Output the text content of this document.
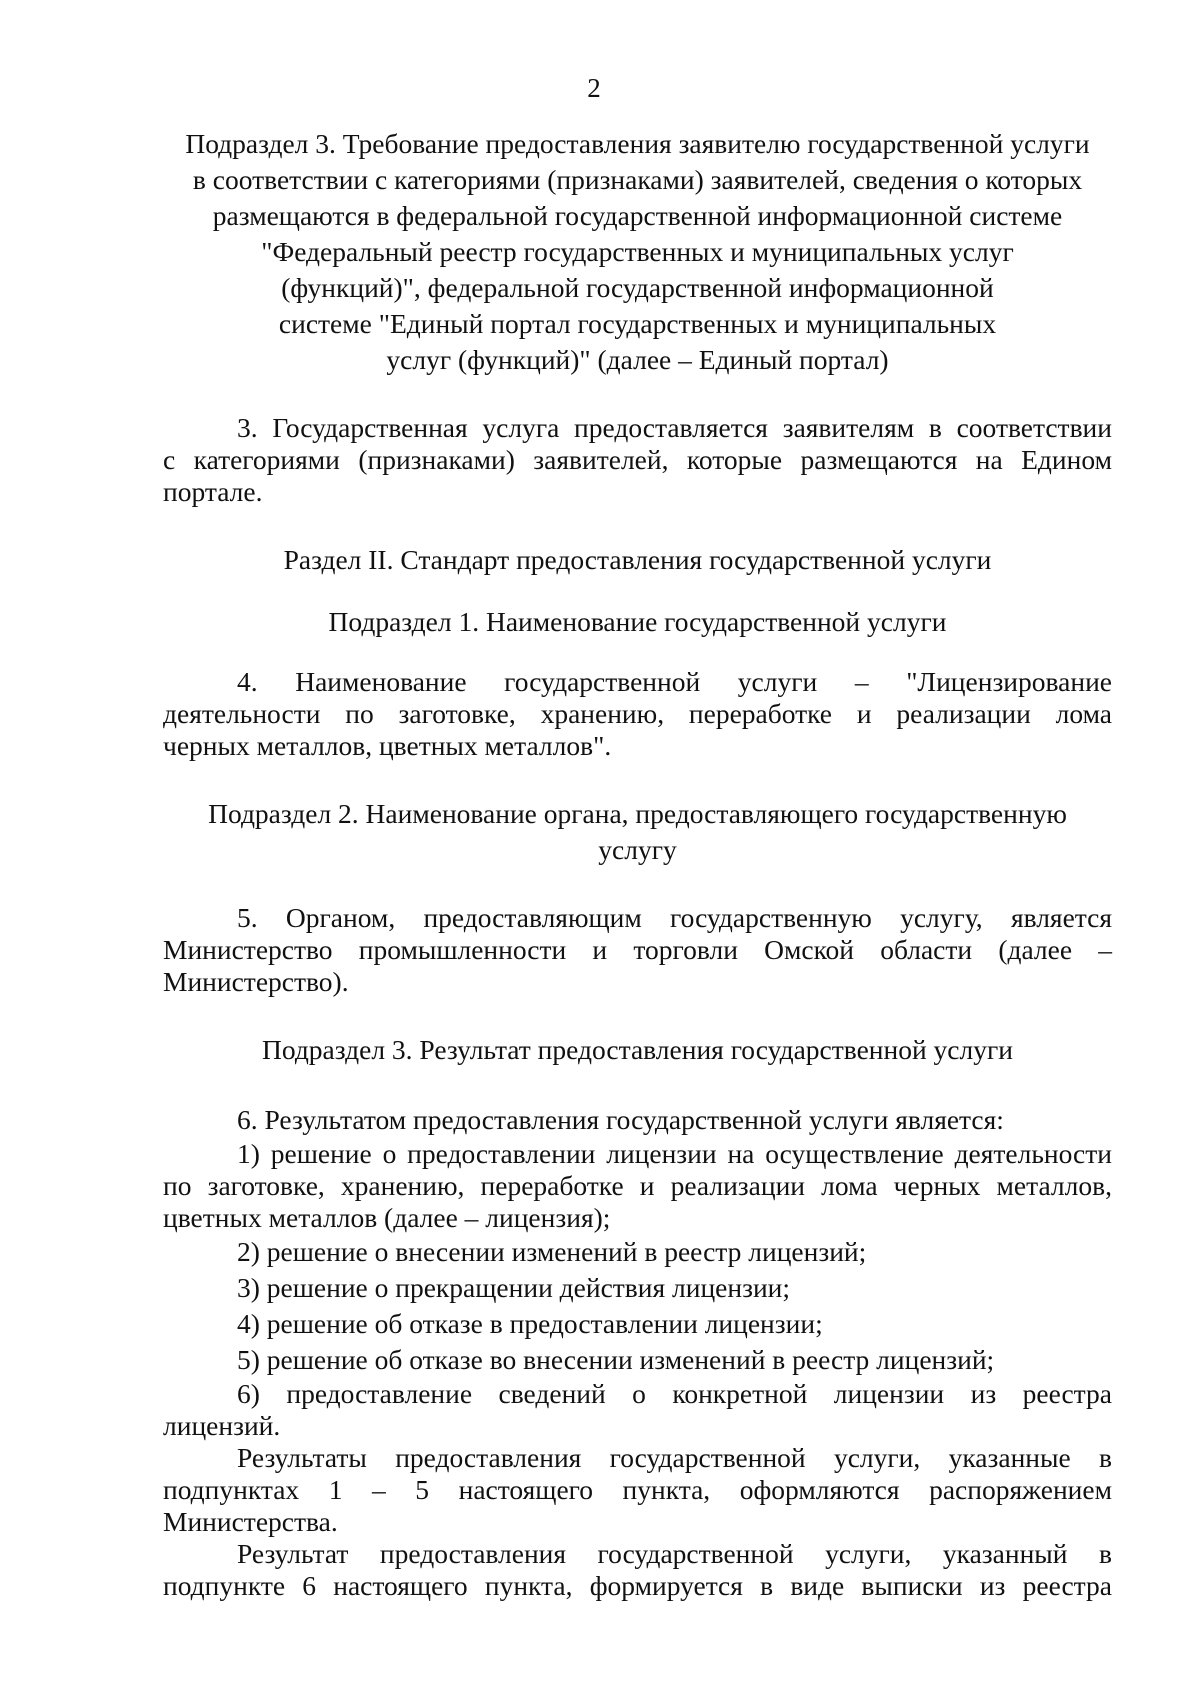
2
Подраздел 3. Требование предоставления заявителю государственной услуги
в соответствии с категориями (признаками) заявителей, сведения о которых
размещаются в федеральной государственной информационной системе
"Федеральный реестр государственных и муниципальных услуг
(функций)", федеральной государственной информационной
системе "Единый портал государственных и муниципальных
услуг (функций)" (далее – Единый портал)
3. Государственная услуга предоставляется заявителям в соответствии
с категориями (признаками) заявителей, которые размещаются на Едином
портале.
Раздел II. Стандарт предоставления государственной услуги
Подраздел 1. Наименование государственной услуги
4. Наименование государственной услуги – "Лицензирование
деятельности по заготовке, хранению, переработке и реализации лома
черных металлов, цветных металлов".
Подраздел 2. Наименование органа, предоставляющего государственную
услугу
5. Органом, предоставляющим государственную услугу, является
Министерство промышленности и торговли Омской области (далее –
Министерство).
Подраздел 3. Результат предоставления государственной услуги
6. Результатом предоставления государственной услуги является:
1) решение о предоставлении лицензии на осуществление деятельности
по заготовке, хранению, переработке и реализации лома черных металлов,
цветных металлов (далее – лицензия);
2) решение о внесении изменений в реестр лицензий;
3) решение о прекращении действия лицензии;
4) решение об отказе в предоставлении лицензии;
5) решение об отказе во внесении изменений в реестр лицензий;
6) предоставление сведений о конкретной лицензии из реестра
лицензий.
Результаты предоставления государственной услуги, указанные в
подпунктах 1 – 5 настоящего пункта, оформляются распоряжением
Министерства.
Результат предоставления государственной услуги, указанный в
подпункте 6 настоящего пункта, формируется в виде выписки из реестра
